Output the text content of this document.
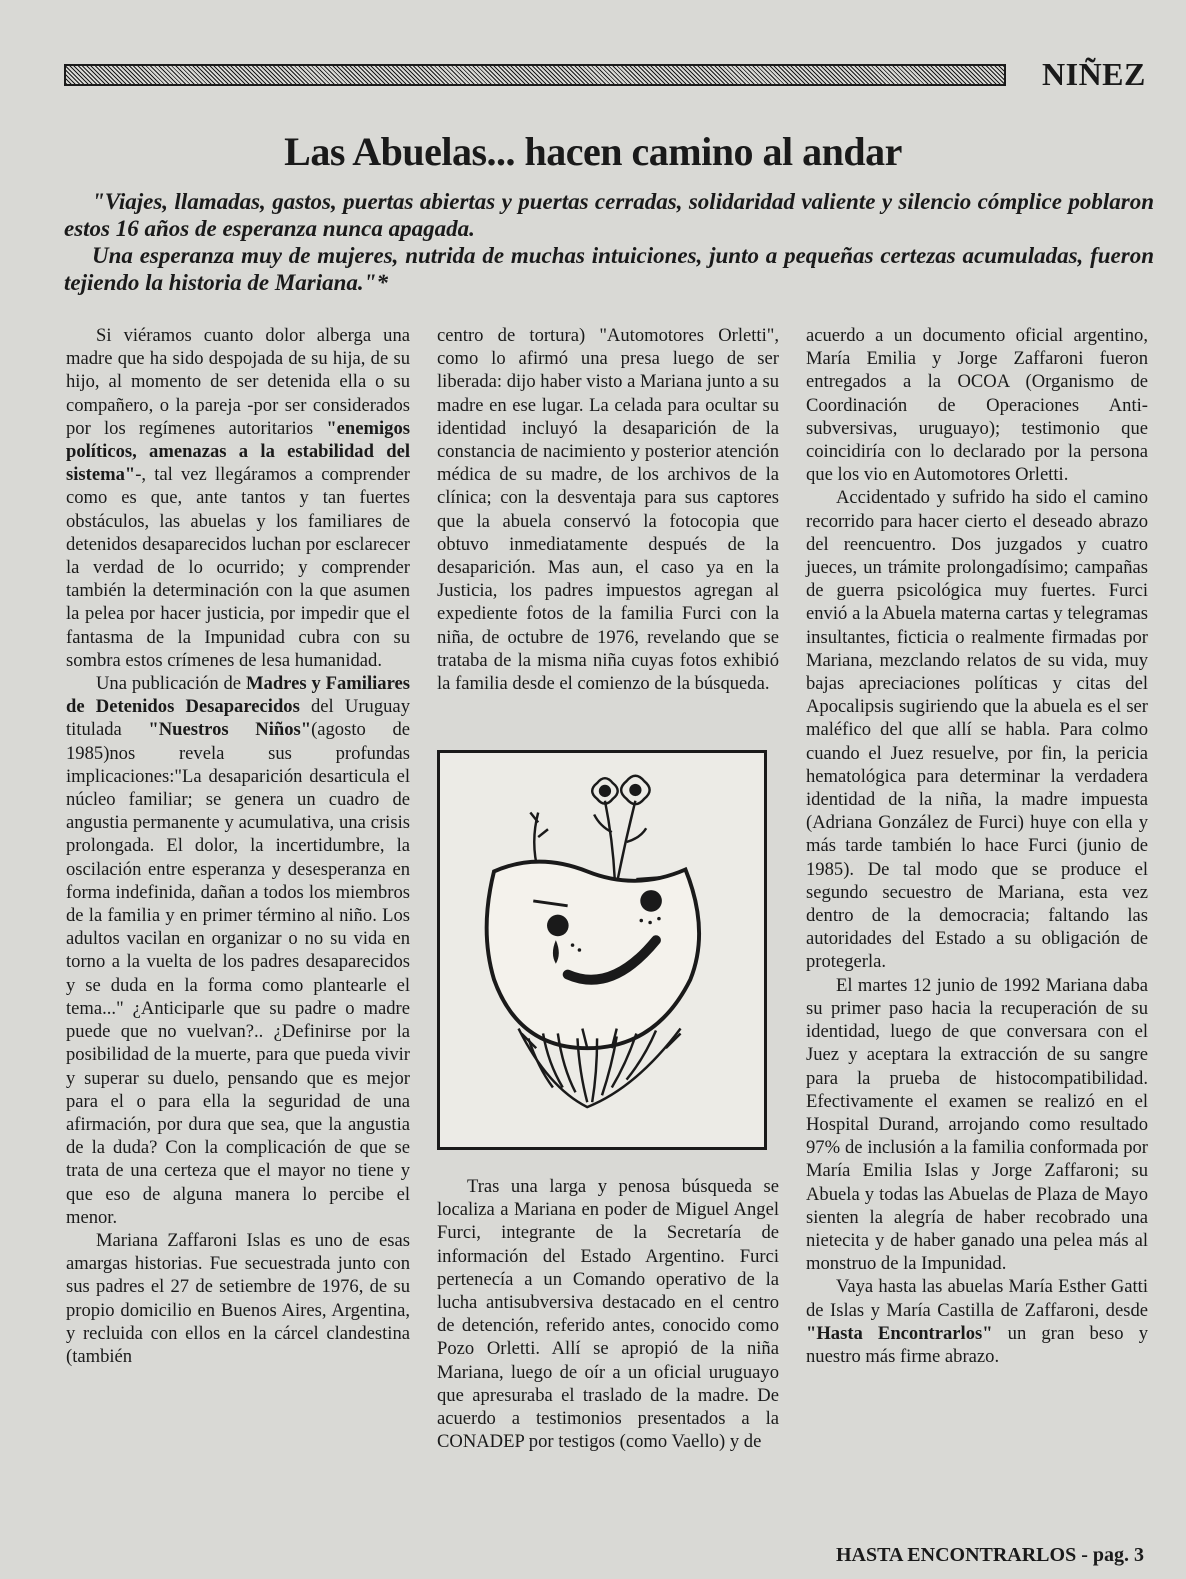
NIÑEZ
Las Abuelas... hacen camino al andar

"Viajes, llamadas, gastos, puertas abiertas y puertas cerradas, solidaridad valiente y silencio cómplice poblaron estos 16 años de esperanza nunca apagada.

Una esperanza muy de mujeres, nutrida de muchas intuiciones, junto a pequeñas certezas acumuladas, fueron tejiendo la historia de Mariana."*

Si viéramos cuanto dolor alberga una madre que ha sido despojada de su hija, de su hijo, al momento de ser detenida ella o su compañero, o la pareja -por ser considerados por los regímenes autoritarios "enemigos políticos, amenazas a la estabilidad del sistema"-, tal vez llegáramos a comprender como es que, ante tantos y tan fuertes obstáculos, las abuelas y los familiares de detenidos desaparecidos luchan por esclarecer la verdad de lo ocurrido; y comprender también la determinación con la que asumen la pelea por hacer justicia, por impedir que el fantasma de la Impunidad cubra con su sombra estos crímenes de lesa humanidad.

Una publicación de Madres y Familiares de Detenidos Desaparecidos del Uruguay titulada "Nuestros Niños"(agosto de 1985)nos revela sus profundas implicaciones:"La desaparición desarticula el núcleo familiar; se genera un cuadro de angustia permanente y acumulativa, una crisis prolongada. El dolor, la incertidumbre, la oscilación entre esperanza y desesperanza en forma indefinida, dañan a todos los miembros de la familia y en primer término al niño. Los adultos vacilan en organizar o no su vida en torno a la vuelta de los padres desaparecidos y se duda en la forma como plantearle el tema..." ¿Anticiparle que su padre o madre puede que no vuelvan?.. ¿Definirse por la posibilidad de la muerte, para que pueda vivir y superar su duelo, pensando que es mejor para el o para ella la seguridad de una afirmación, por dura que sea, que la angustia de la duda? Con la complicación de que se trata de una certeza que el mayor no tiene y que eso de alguna manera lo percibe el menor.

Mariana Zaffaroni Islas es uno de esas amargas historias. Fue secuestrada junto con sus padres el 27 de setiembre de 1976, de su propio domicilio en Buenos Aires, Argentina, y recluida con ellos en la cárcel clandestina (también

centro de tortura) "Automotores Orletti", como lo afirmó una presa luego de ser liberada: dijo haber visto a Mariana junto a su madre en ese lugar. La celada para ocultar su identidad incluyó la desaparición de la constancia de nacimiento y posterior atención médica de su madre, de los archivos de la clínica; con la desventaja para sus captores que la abuela conservó la fotocopia que obtuvo inmediatamente después de la desaparición. Mas aun, el caso ya en la Justicia, los padres impuestos agregan al expediente fotos de la familia Furci con la niña, de octubre de 1976, revelando que se trataba de la misma niña cuyas fotos exhibió la familia desde el comienzo de la búsqueda.

Tras una larga y penosa búsqueda se localiza a Mariana en poder de Miguel Angel Furci, integrante de la Secretaría de información del Estado Argentino. Furci pertenecía a un Comando operativo de la lucha antisubversiva destacado en el centro de detención, referido antes, conocido como Pozo Orletti. Allí se apropió de la niña Mariana, luego de oír a un oficial uruguayo que apresuraba el traslado de la madre. De acuerdo a testimonios presentados a la CONADEP por testigos (como Vaello) y de

acuerdo a un documento oficial argentino, María Emilia y Jorge Zaffaroni fueron entregados a la OCOA (Organismo de Coordinación de Operaciones Anti-subversivas, uruguayo); testimonio que coincidiría con lo declarado por la persona que los vio en Automotores Orletti.

Accidentado y sufrido ha sido el camino recorrido para hacer cierto el deseado abrazo del reencuentro. Dos juzgados y cuatro jueces, un trámite prolongadísimo; campañas de guerra psicológica muy fuertes. Furci envió a la Abuela materna cartas y telegramas insultantes, ficticia o realmente firmadas por Mariana, mezclando relatos de su vida, muy bajas apreciaciones políticas y citas del Apocalipsis sugiriendo que la abuela es el ser maléfico del que allí se habla. Para colmo cuando el Juez resuelve, por fin, la pericia hematológica para determinar la verdadera identidad de la niña, la madre impuesta (Adriana González de Furci) huye con ella y más tarde también lo hace Furci (junio de 1985). De tal modo que se produce el segundo secuestro de Mariana, esta vez dentro de la democracia; faltando las autoridades del Estado a su obligación de protegerla.

El martes 12 junio de 1992 Mariana daba su primer paso hacia la recuperación de su identidad, luego de que conversara con el Juez y aceptara la extracción de su sangre para la prueba de histocompatibilidad. Efectivamente el examen se realizó en el Hospital Durand, arrojando como resultado 97% de inclusión a la familia conformada por María Emilia Islas y Jorge Zaffaroni; su Abuela y todas las Abuelas de Plaza de Mayo sienten la alegría de haber recobrado una nietecita y de haber ganado una pelea más al monstruo de la Impunidad.

Vaya hasta las abuelas María Esther Gatti de Islas y María Castilla de Zaffaroni, desde "Hasta Encontrarlos" un gran beso y nuestro más firme abrazo.

HASTA ENCONTRARLOS - pag. 3
